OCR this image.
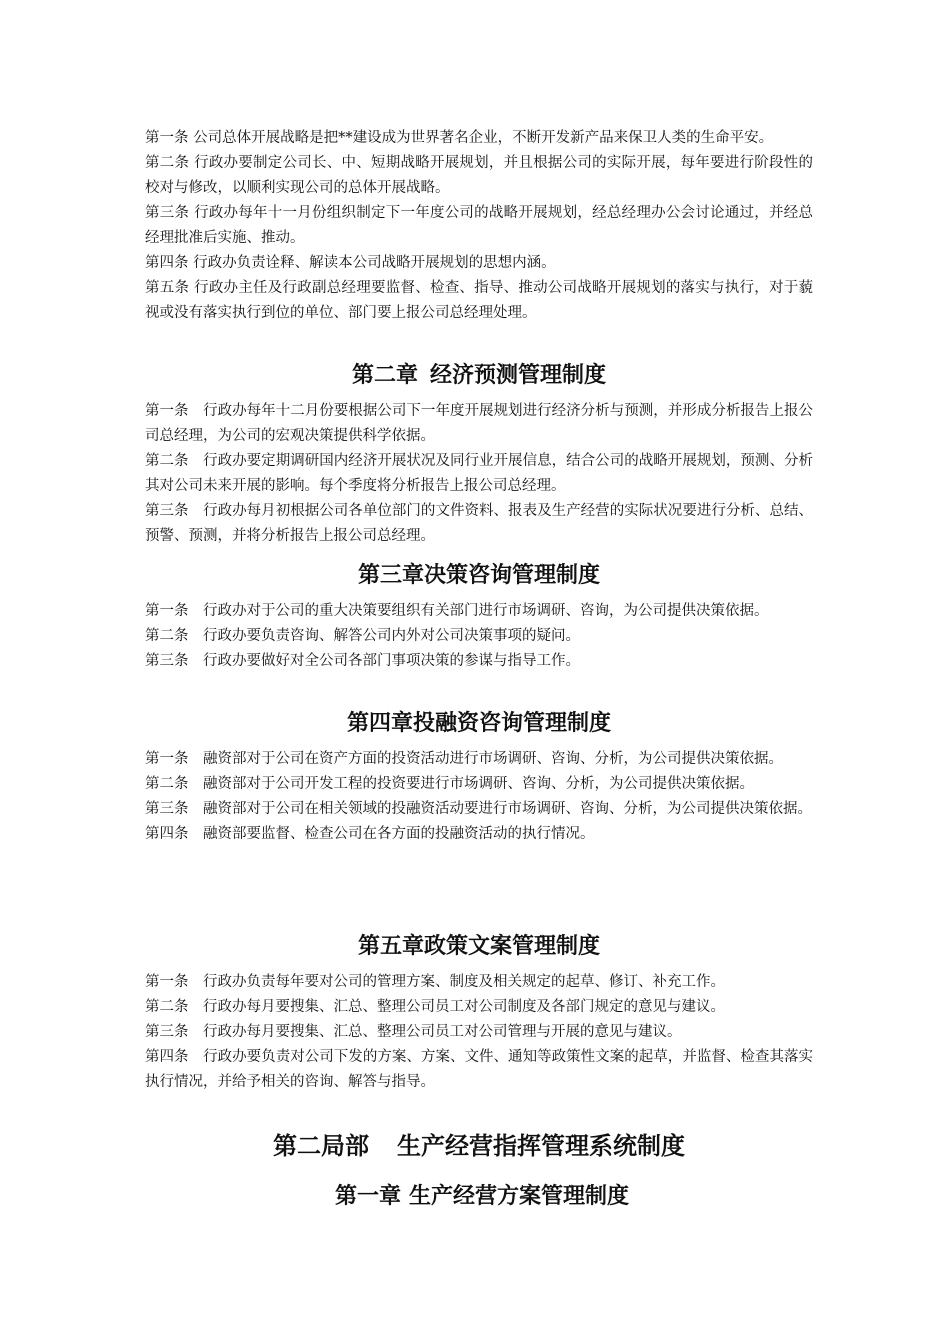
第一条 公司总体开展战略是把**建设成为世界著名企业，不断开发新产品来保卫人类的生命平安。

第二条 行政办要制定公司长、中、短期战略开展规划，并且根据公司的实际开展，每年要进行阶段性的校对与修改，以顺利实现公司的总体开展战略。

第三条 行政办每年十一月份组织制定下一年度公司的战略开展规划，经总经理办公会讨论通过，并经总经理批准后实施、推动。

第四条 行政办负责诠释、解读本公司战略开展规划的思想内涵。

第五条 行政办主任及行政副总经理要监督、检查、指导、推动公司战略开展规划的落实与执行，对于藐视或没有落实执行到位的单位、部门要上报公司总经理处理。

第二章 经济预测管理制度

第一条　行政办每年十二月份要根据公司下一年度开展规划进行经济分析与预测，并形成分析报告上报公司总经理，为公司的宏观决策提供科学依据。

第二条　行政办要定期调研国内经济开展状况及同行业开展信息，结合公司的战略开展规划，预测、分析其对公司未来开展的影响。每个季度将分析报告上报公司总经理。

第三条　行政办每月初根据公司各单位部门的文件资料、报表及生产经营的实际状况要进行分析、总结、预警、预测，并将分析报告上报公司总经理。

第三章决策咨询管理制度

第一条　行政办对于公司的重大决策要组织有关部门进行市场调研、咨询，为公司提供决策依据。

第二条　行政办要负责咨询、解答公司内外对公司决策事项的疑问。

第三条　行政办要做好对全公司各部门事项决策的参谋与指导工作。

第四章投融资咨询管理制度

第一条　融资部对于公司在资产方面的投资活动进行市场调研、咨询、分析，为公司提供决策依据。

第二条　融资部对于公司开发工程的投资要进行市场调研、咨询、分析，为公司提供决策依据。

第三条　融资部对于公司在相关领域的投融资活动要进行市场调研、咨询、分析，为公司提供决策依据。

第四条　融资部要监督、检查公司在各方面的投融资活动的执行情况。

第五章政策文案管理制度

第一条　行政办负责每年要对公司的管理方案、制度及相关规定的起草、修订、补充工作。

第二条　行政办每月要搜集、汇总、整理公司员工对公司制度及各部门规定的意见与建议。

第三条　行政办每月要搜集、汇总、整理公司员工对公司管理与开展的意见与建议。

第四条　行政办要负责对公司下发的方案、方案、文件、通知等政策性文案的起草，并监督、检查其落实执行情况，并给予相关的咨询、解答与指导。

第二局部 生产经营指挥管理系统制度
第一章 生产经营方案管理制度
